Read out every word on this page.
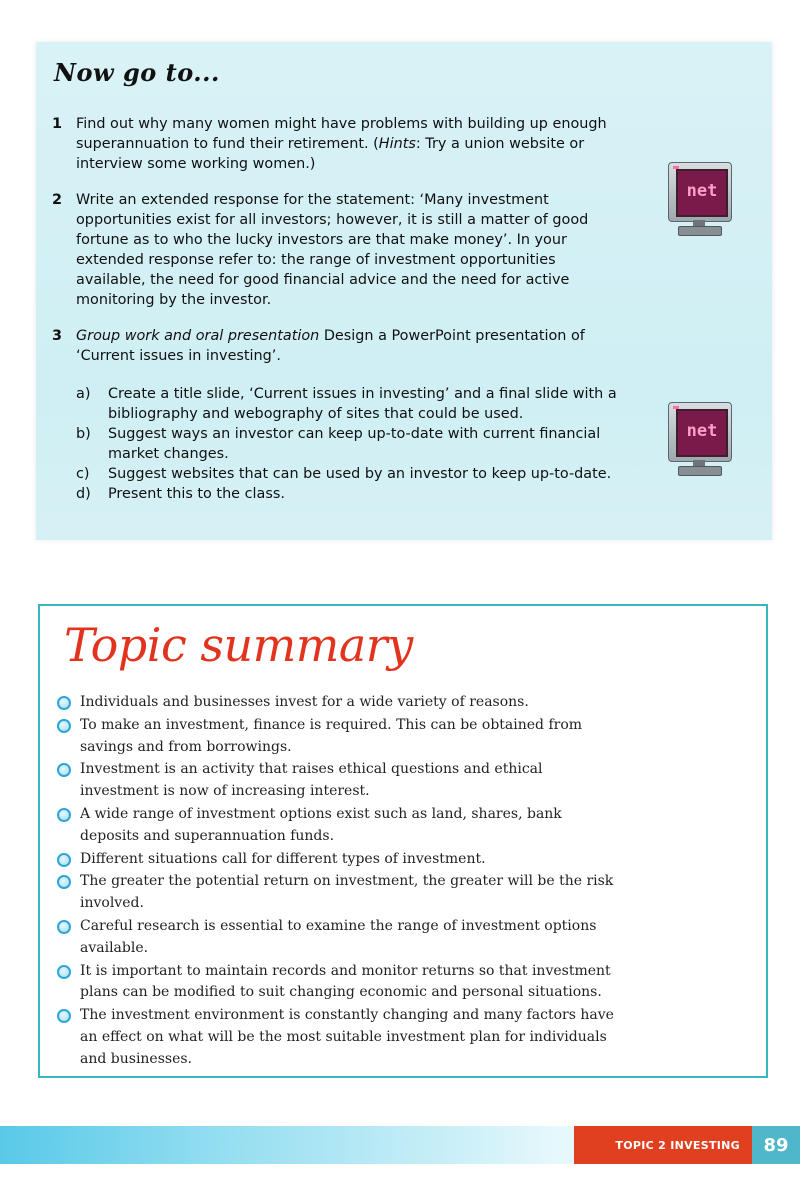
Now go to...
1 Find out why many women might have problems with building up enough superannuation to fund their retirement. (Hints: Try a union website or interview some working women.)
2 Write an extended response for the statement: ‘Many investment opportunities exist for all investors; however, it is still a matter of good fortune as to who the lucky investors are that make money’. In your extended response refer to: the range of investment opportunities available, the need for good financial advice and the need for active monitoring by the investor.
3 Group work and oral presentation Design a PowerPoint presentation of ‘Current issues in investing’.
a) Create a title slide, ‘Current issues in investing’ and a final slide with a bibliography and webography of sites that could be used.
b) Suggest ways an investor can keep up-to-date with current financial market changes.
c) Suggest websites that can be used by an investor to keep up-to-date.
d) Present this to the class.
net
net
Topic summary
Individuals and businesses invest for a wide variety of reasons.
To make an investment, finance is required. This can be obtained from savings and from borrowings.
Investment is an activity that raises ethical questions and ethical investment is now of increasing interest.
A wide range of investment options exist such as land, shares, bank deposits and superannuation funds.
Different situations call for different types of investment.
The greater the potential return on investment, the greater will be the risk involved.
Careful research is essential to examine the range of investment options available.
It is important to maintain records and monitor returns so that investment plans can be modified to suit changing economic and personal situations.
The investment environment is constantly changing and many factors have an effect on what will be the most suitable investment plan for individuals and businesses.
TOPIC 2 INVESTING	89
